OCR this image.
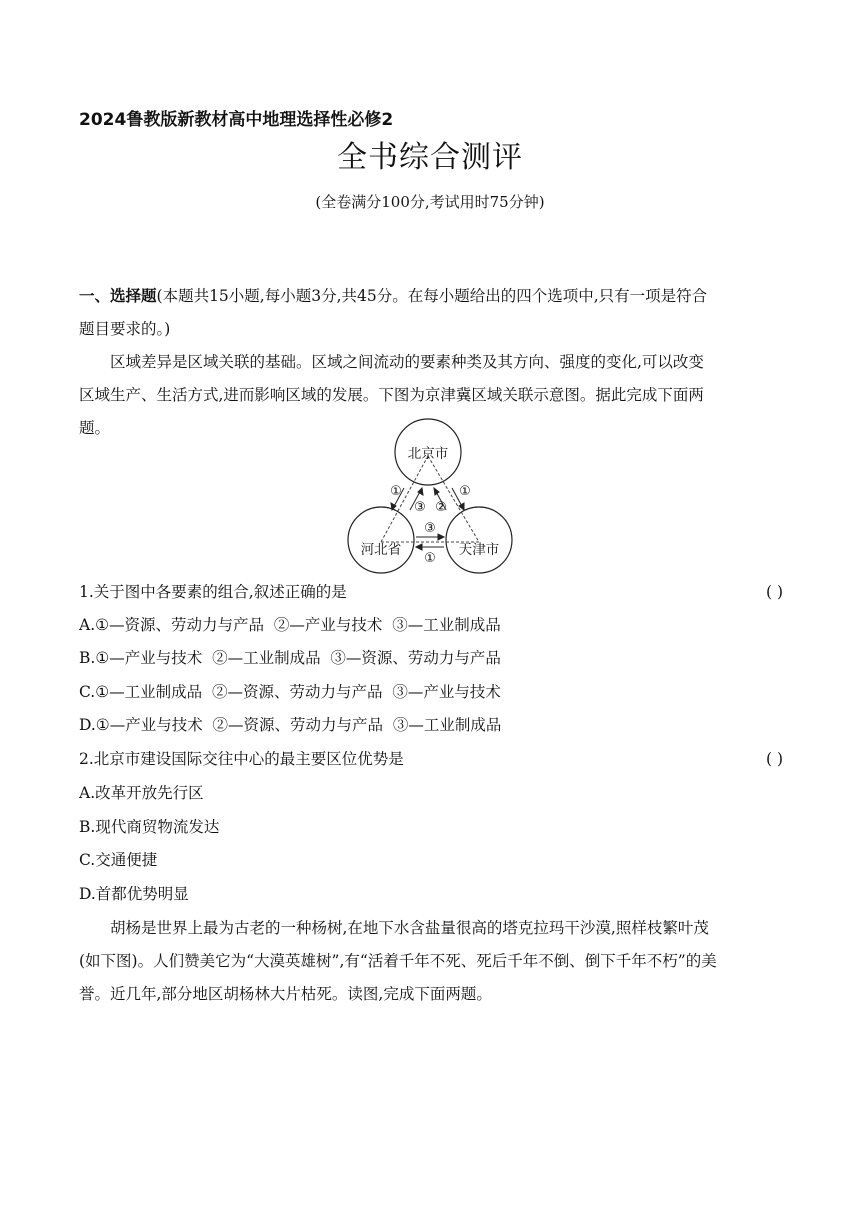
2024鲁教版新教材高中地理选择性必修2
全书综合测评
(全卷满分100分,考试用时75分钟)
一、选择题(本题共15小题,每小题3分,共45分。在每小题给出的四个选项中,只有一项是符合
题目要求的。)
区域差异是区域关联的基础。区域之间流动的要素种类及其方向、强度的变化,可以改变
区域生产、生活方式,进而影响区域的发展。下图为京津冀区域关联示意图。据此完成下面两
题。
北京市
河北省	天津市
①
③ ②
①
③
①
1.关于图中各要素的组合,叙述正确的是	( )
A.①—资源、劳动力与产品  ②—产业与技术  ③—工业制成品
B.①—产业与技术  ②—工业制成品  ③—资源、劳动力与产品
C.①—工业制成品  ②—资源、劳动力与产品  ③—产业与技术
D.①—产业与技术  ②—资源、劳动力与产品  ③—工业制成品
2.北京市建设国际交往中心的最主要区位优势是	( )
A.改革开放先行区
B.现代商贸物流发达
C.交通便捷
D.首都优势明显
胡杨是世界上最为古老的一种杨树,在地下水含盐量很高的塔克拉玛干沙漠,照样枝繁叶茂
(如下图)。人们赞美它为“大漠英雄树”,有“活着千年不死、死后千年不倒、倒下千年不朽”的美
誉。近几年,部分地区胡杨林大片枯死。读图,完成下面两题。
